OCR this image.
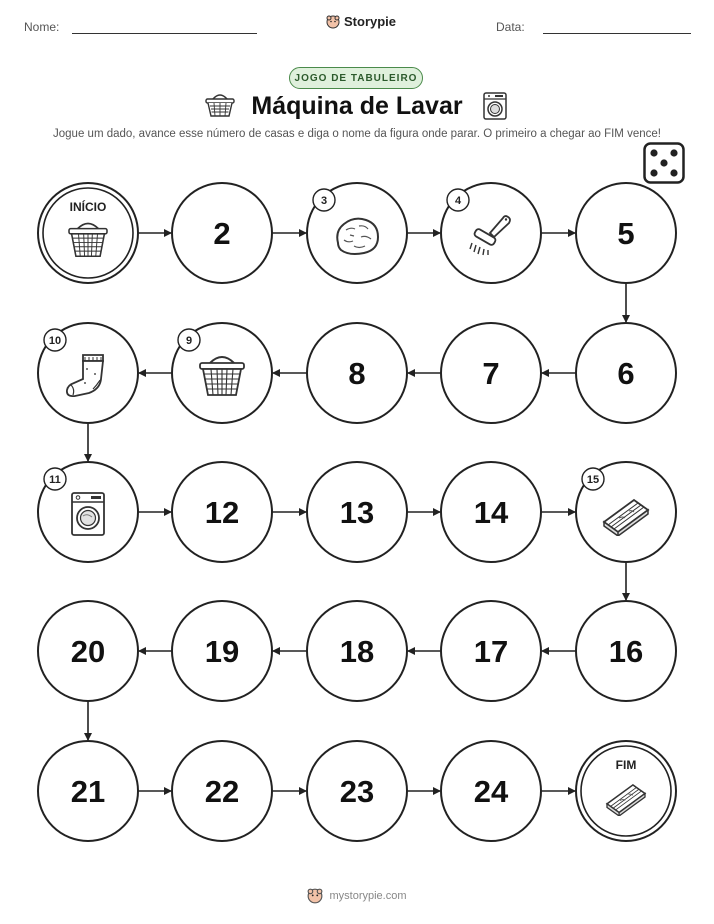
Nome:	Storypie	Data:
JOGO DE TABULEIRO
Máquina de Lavar
Jogue um dado, avance esse número de casas e diga o nome da figura onde parar. O primeiro a chegar ao FIM vence!
INÍCIO
2
3	4
5
6
7
8
9
10
11
12	13	14
15
16
17
18
19
20
21	22	23	24
FIM
mystorypie.com
